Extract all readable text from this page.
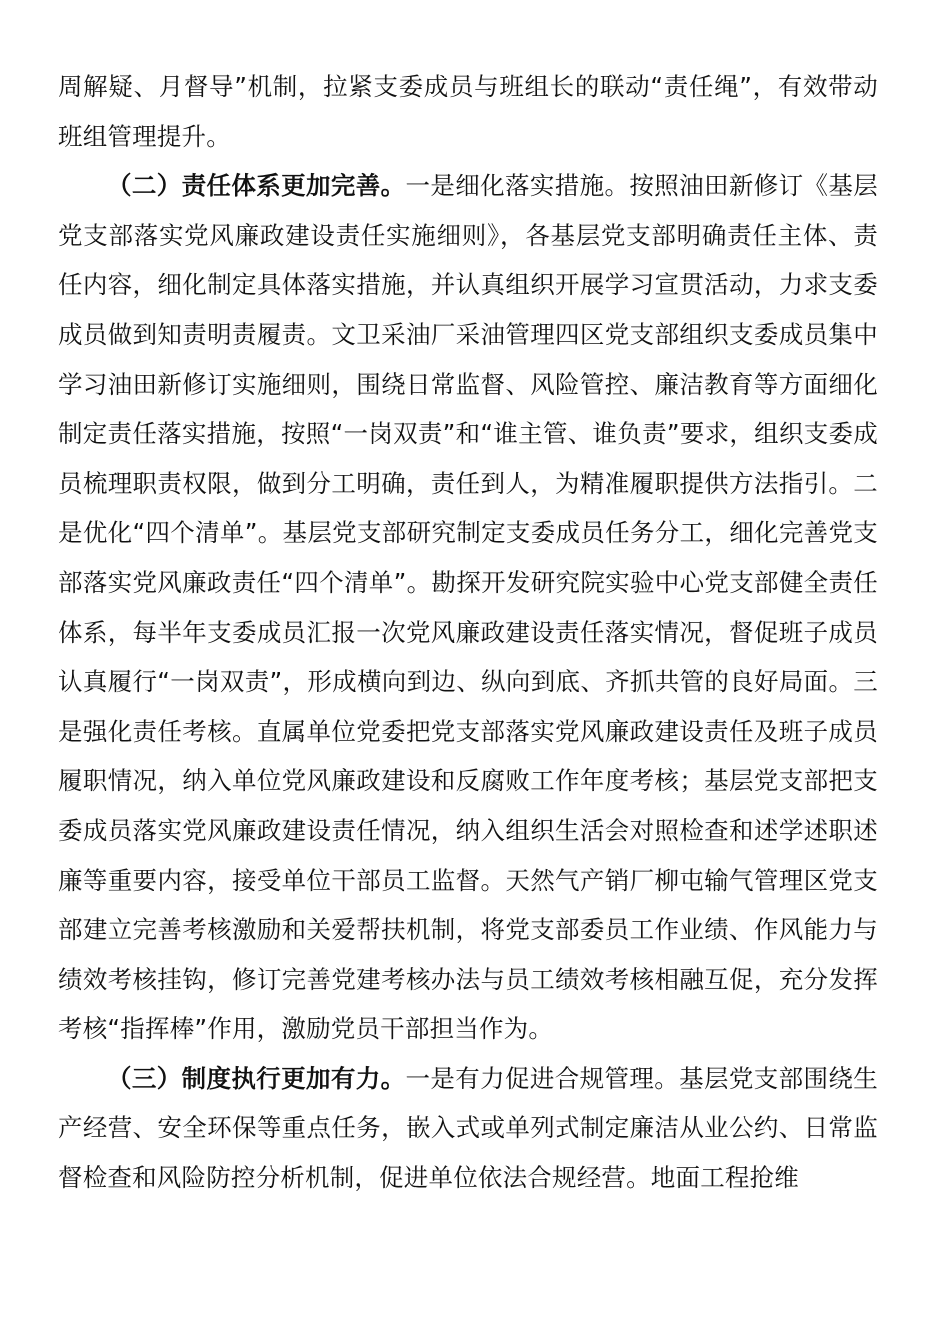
周解疑、月督导”机制，拉紧支委成员与班组长的联动“责任绳”，有效带动班组管理提升。

（二）责任体系更加完善。一是细化落实措施。按照油田新修订《基层党支部落实党风廉政建设责任实施细则》，各基层党支部明确责任主体、责任内容，细化制定具体落实措施，并认真组织开展学习宣贯活动，力求支委成员做到知责明责履责。文卫采油厂采油管理四区党支部组织支委成员集中学习油田新修订实施细则，围绕日常监督、风险管控、廉洁教育等方面细化制定责任落实措施，按照“一岗双责”和“谁主管、谁负责”要求，组织支委成员梳理职责权限，做到分工明确，责任到人，为精准履职提供方法指引。二是优化“四个清单”。基层党支部研究制定支委成员任务分工，细化完善党支部落实党风廉政责任“四个清单”。勘探开发研究院实验中心党支部健全责任体系，每半年支委成员汇报一次党风廉政建设责任落实情况，督促班子成员认真履行“一岗双责”，形成横向到边、纵向到底、齐抓共管的良好局面。三是强化责任考核。直属单位党委把党支部落实党风廉政建设责任及班子成员履职情况，纳入单位党风廉政建设和反腐败工作年度考核；基层党支部把支委成员落实党风廉政建设责任情况，纳入组织生活会对照检查和述学述职述廉等重要内容，接受单位干部员工监督。天然气产销厂柳屯输气管理区党支部建立完善考核激励和关爱帮扶机制，将党支部委员工作业绩、作风能力与绩效考核挂钩，修订完善党建考核办法与员工绩效考核相融互促，充分发挥考核“指挥棒”作用，激励党员干部担当作为。

（三）制度执行更加有力。一是有力促进合规管理。基层党支部围绕生产经营、安全环保等重点任务，嵌入式或单列式制定廉洁从业公约、日常监督检查和风险防控分析机制，促进单位依法合规经营。地面工程抢维
